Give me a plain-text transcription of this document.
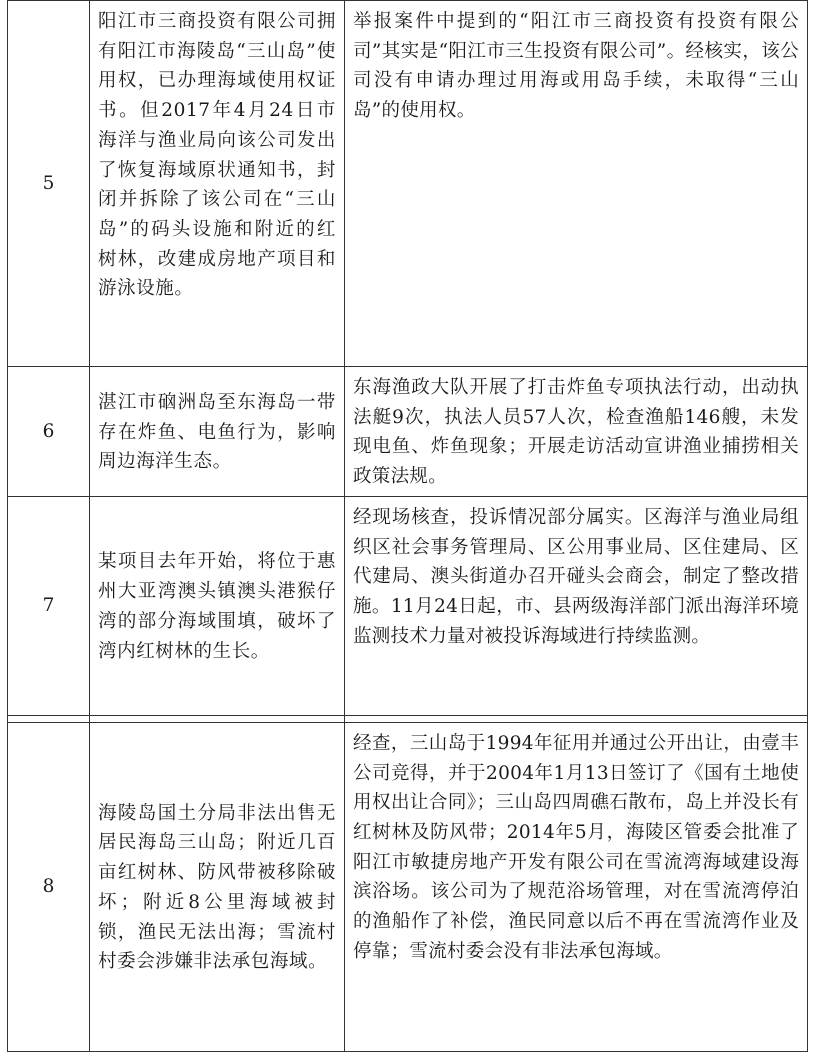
5	阳江市三商投资有限公司拥有阳江市海陵岛“三山岛”使用权，已办理海域使用权证书。但2017年4月24日市海洋与渔业局向该公司发出了恢复海域原状通知书，封闭并拆除了该公司在“三山岛”的码头设施和附近的红树林，改建成房地产项目和游泳设施。	举报案件中提到的“阳江市三商投资有投资有限公司”其实是“阳江市三生投资有限公司”。经核实，该公司没有申请办理过用海或用岛手续，未取得“三山岛”的使用权。
6	湛江市硇洲岛至东海岛一带存在炸鱼、电鱼行为，影响周边海洋生态。	东海渔政大队开展了打击炸鱼专项执法行动，出动执法艇9次，执法人员57人次，检查渔船146艘，未发现电鱼、炸鱼现象；开展走访活动宣讲渔业捕捞相关政策法规。
7	某项目去年开始，将位于惠州大亚湾澳头镇澳头港猴仔湾的部分海域围填，破坏了湾内红树林的生长。	经现场核查，投诉情况部分属实。区海洋与渔业局组织区社会事务管理局、区公用事业局、区住建局、区代建局、澳头街道办召开碰头会商会，制定了整改措施。11月24日起，市、县两级海洋部门派出海洋环境监测技术力量对被投诉海域进行持续监测。

8	海陵岛国土分局非法出售无居民海岛三山岛；附近几百亩红树林、防风带被移除破坏；附近8公里海域被封锁，渔民无法出海；雪流村村委会涉嫌非法承包海域。	经查，三山岛于1994年征用并通过公开出让，由壹丰公司竞得，并于2004年1月13日签订了《国有土地使用权出让合同》；三山岛四周礁石散布，岛上并没长有红树林及防风带；2014年5月，海陵区管委会批准了阳江市敏捷房地产开发有限公司在雪流湾海域建设海滨浴场。该公司为了规范浴场管理，对在雪流湾停泊的渔船作了补偿，渔民同意以后不再在雪流湾作业及停靠；雪流村委会没有非法承包海域。
